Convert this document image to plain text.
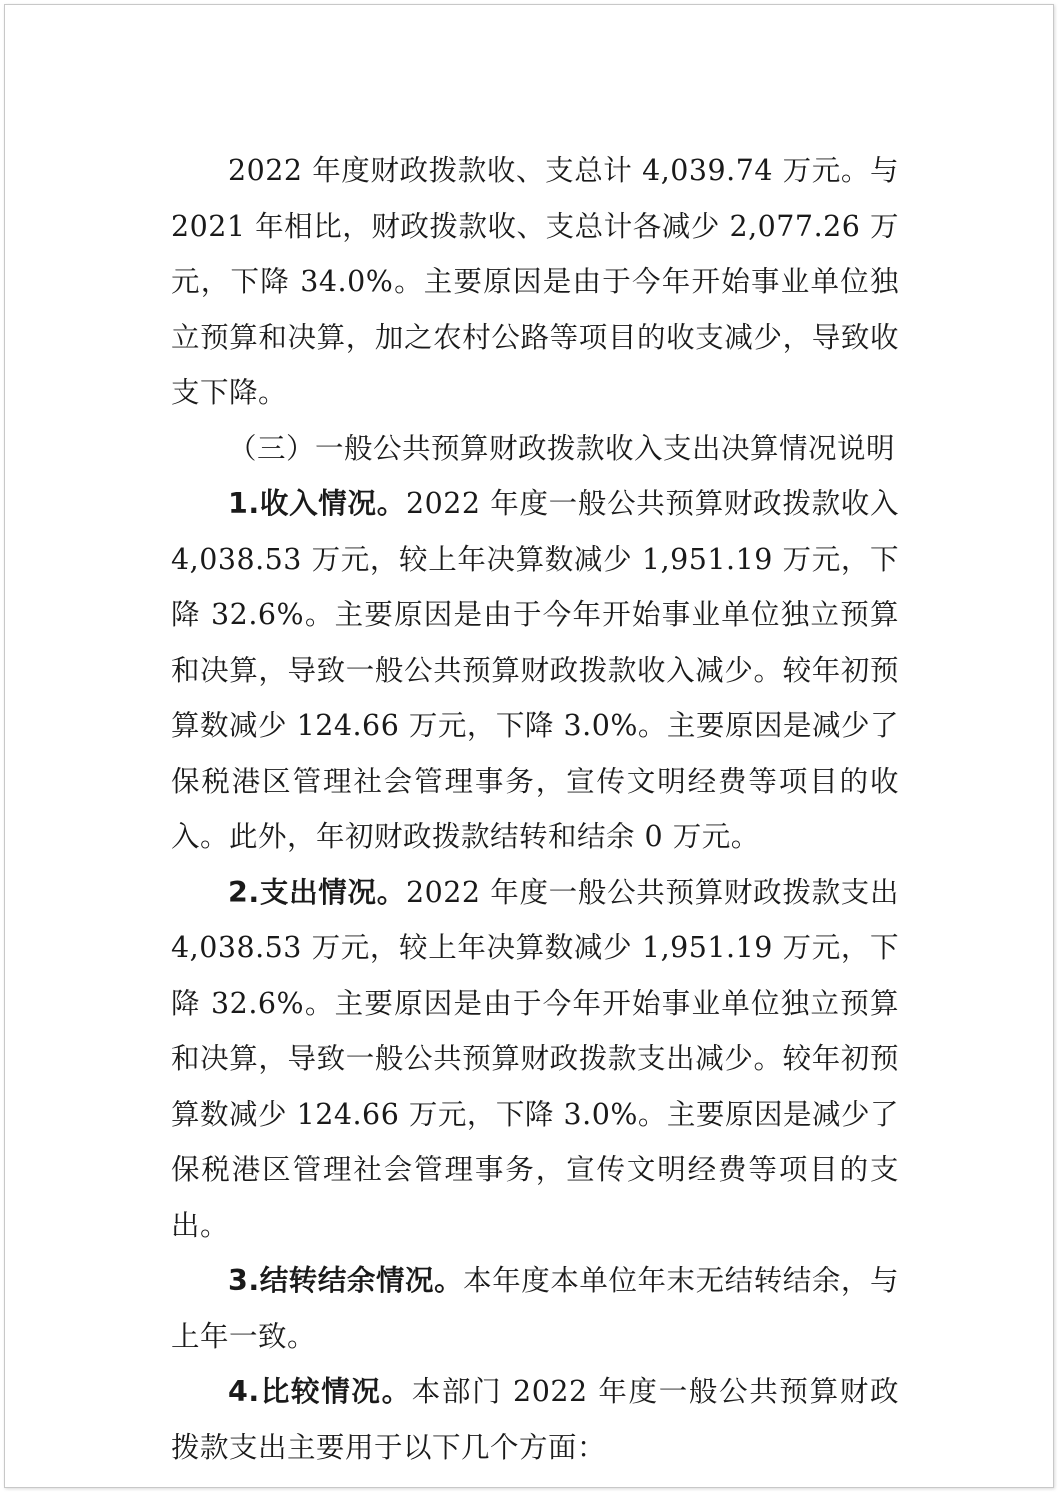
2022 年度财政拨款收、支总计 4,039.74 万元。与 2021 年相比，财政拨款收、支总计各减少 2,077.26 万元，下降 34.0%。主要原因是由于今年开始事业单位独立预算和决算，加之农村公路等项目的收支减少，导致收支下降。

（三）一般公共预算财政拨款收入支出决算情况说明

1.收入情况。2022 年度一般公共预算财政拨款收入 4,038.53 万元，较上年决算数减少 1,951.19 万元，下降 32.6%。主要原因是由于今年开始事业单位独立预算和决算，导致一般公共预算财政拨款收入减少。较年初预算数减少 124.66 万元，下降 3.0%。主要原因是减少了保税港区管理社会管理事务，宣传文明经费等项目的收入。此外，年初财政拨款结转和结余 0 万元。

2.支出情况。2022 年度一般公共预算财政拨款支出 4,038.53 万元，较上年决算数减少 1,951.19 万元，下降 32.6%。主要原因是由于今年开始事业单位独立预算和决算，导致一般公共预算财政拨款支出减少。较年初预算数减少 124.66 万元，下降 3.0%。主要原因是减少了保税港区管理社会管理事务，宣传文明经费等项目的支出。

3.结转结余情况。本年度本单位年末无结转结余，与上年一致。

4.比较情况。本部门 2022 年度一般公共预算财政拨款支出主要用于以下几个方面：
